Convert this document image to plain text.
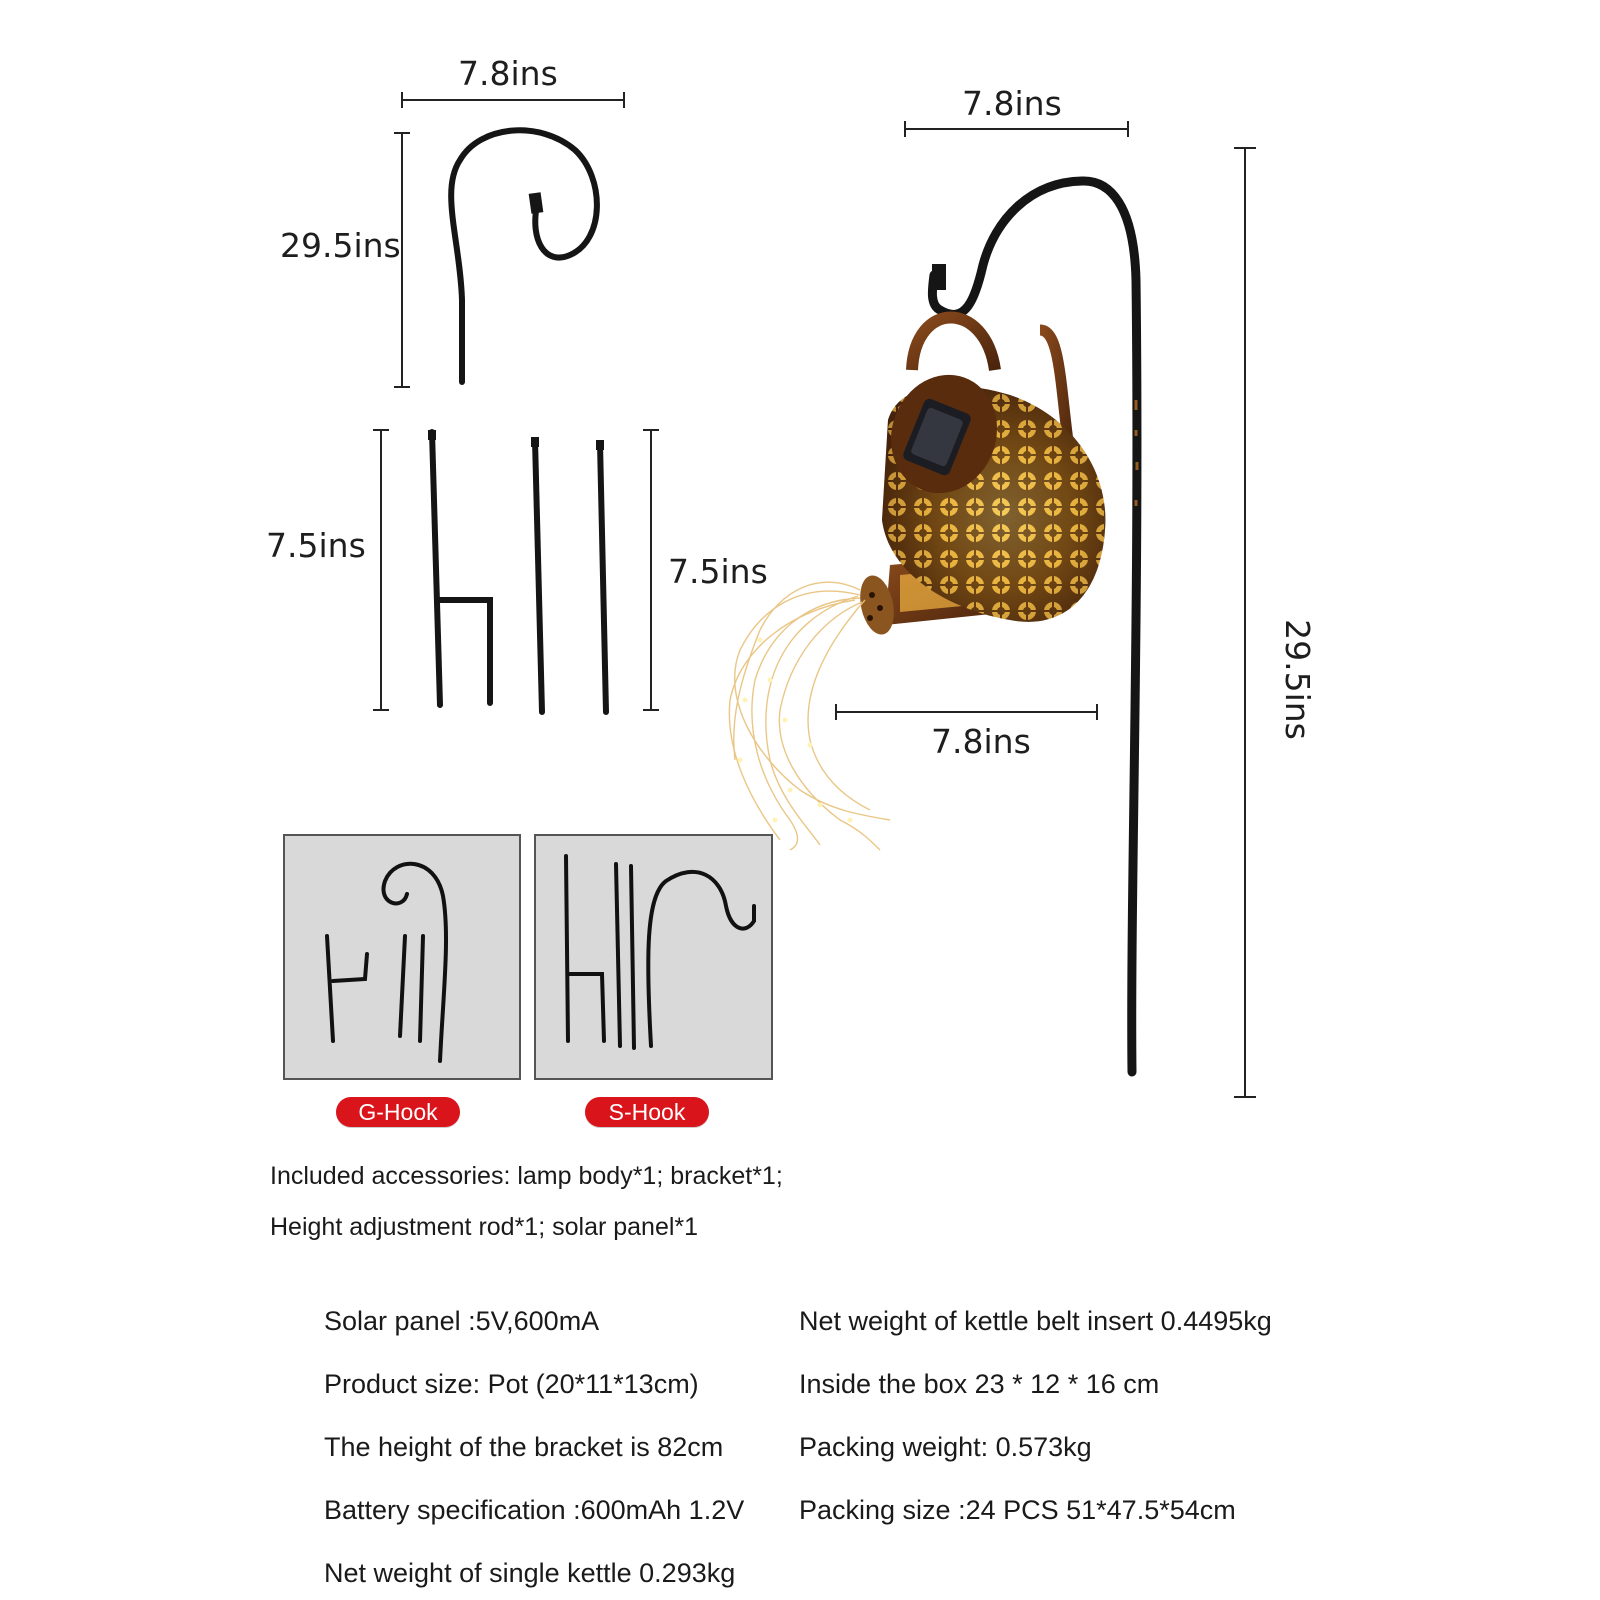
7.8ins
29.5ins
7.5ins
7.5ins
7.8ins
7.8ins
29.5ins
G-Hook	S-Hook
Included accessories: lamp body*1; bracket*1;
Height adjustment rod*1; solar panel*1
Solar panel :5V,600mA
Product size: Pot (20*11*13cm)
The height of the bracket is 82cm
Battery specification :600mAh 1.2V
Net weight of single kettle 0.293kg
Net weight of kettle belt insert 0.4495kg
Inside the box 23 * 12 * 16 cm
Packing weight: 0.573kg
Packing size :24 PCS 51*47.5*54cm
